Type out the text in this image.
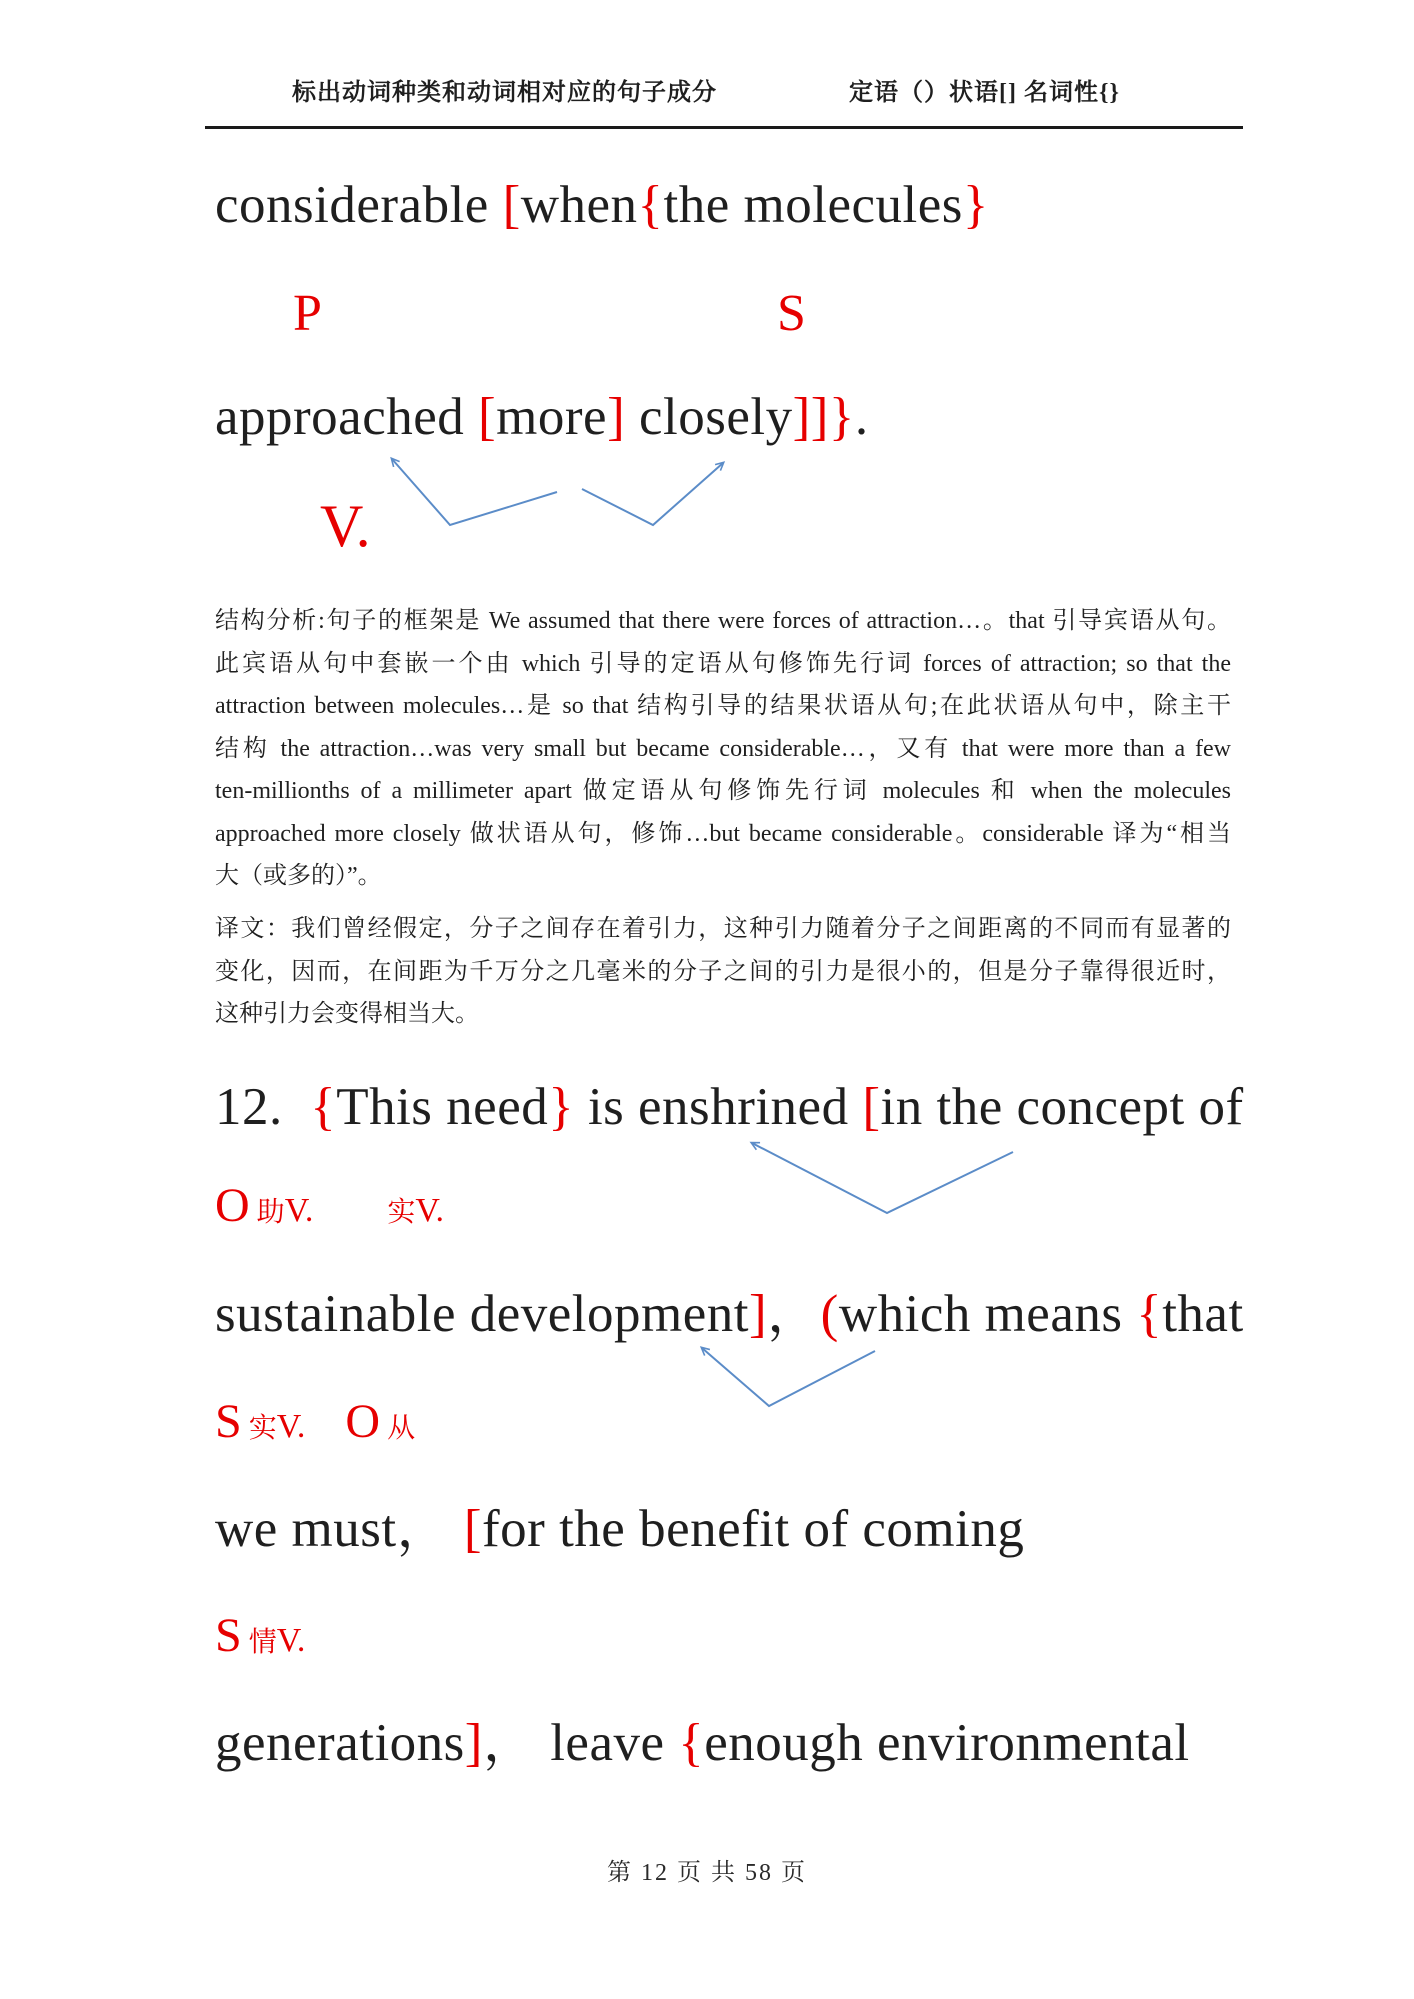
标出动词种类和动词相对应的句子成分	定语（）状语[] 名词性{}
considerable [when{the molecules}
P	S
approached [more] closely]]}.
V.
结构分析:句子的框架是 We assumed that there were forces of attraction…。that 引导宾语从句。
此宾语从句中套嵌一个由 which 引导的定语从句修饰先行词 forces of attraction; so that the
attraction between molecules…是 so that 结构引导的结果状语从句;在此状语从句中，除主干
结构 the attraction…was very small but became considerable…，又有 that were more than a few
ten-millionths of a millimeter apart 做定语从句修饰先行词 molecules 和 when the molecules
approached more closely 做状语从句，修饰…but became considerable。considerable 译为“相当
大（或多的）”。
译文：我们曾经假定，分子之间存在着引力，这种引力随着分子之间距离的不同而有显著的
变化，因而，在间距为千万分之几毫米的分子之间的引力是很小的，但是分子靠得很近时，
这种引力会变得相当大。
12.  {This need} is enshrined [in the concept of
O 助V.	实V.
sustainable development]，(which means {that
S 实V. O 从
we must， [for the benefit of coming
S 情V.
generations]， leave {enough environmental
第 12 页 共 58 页
